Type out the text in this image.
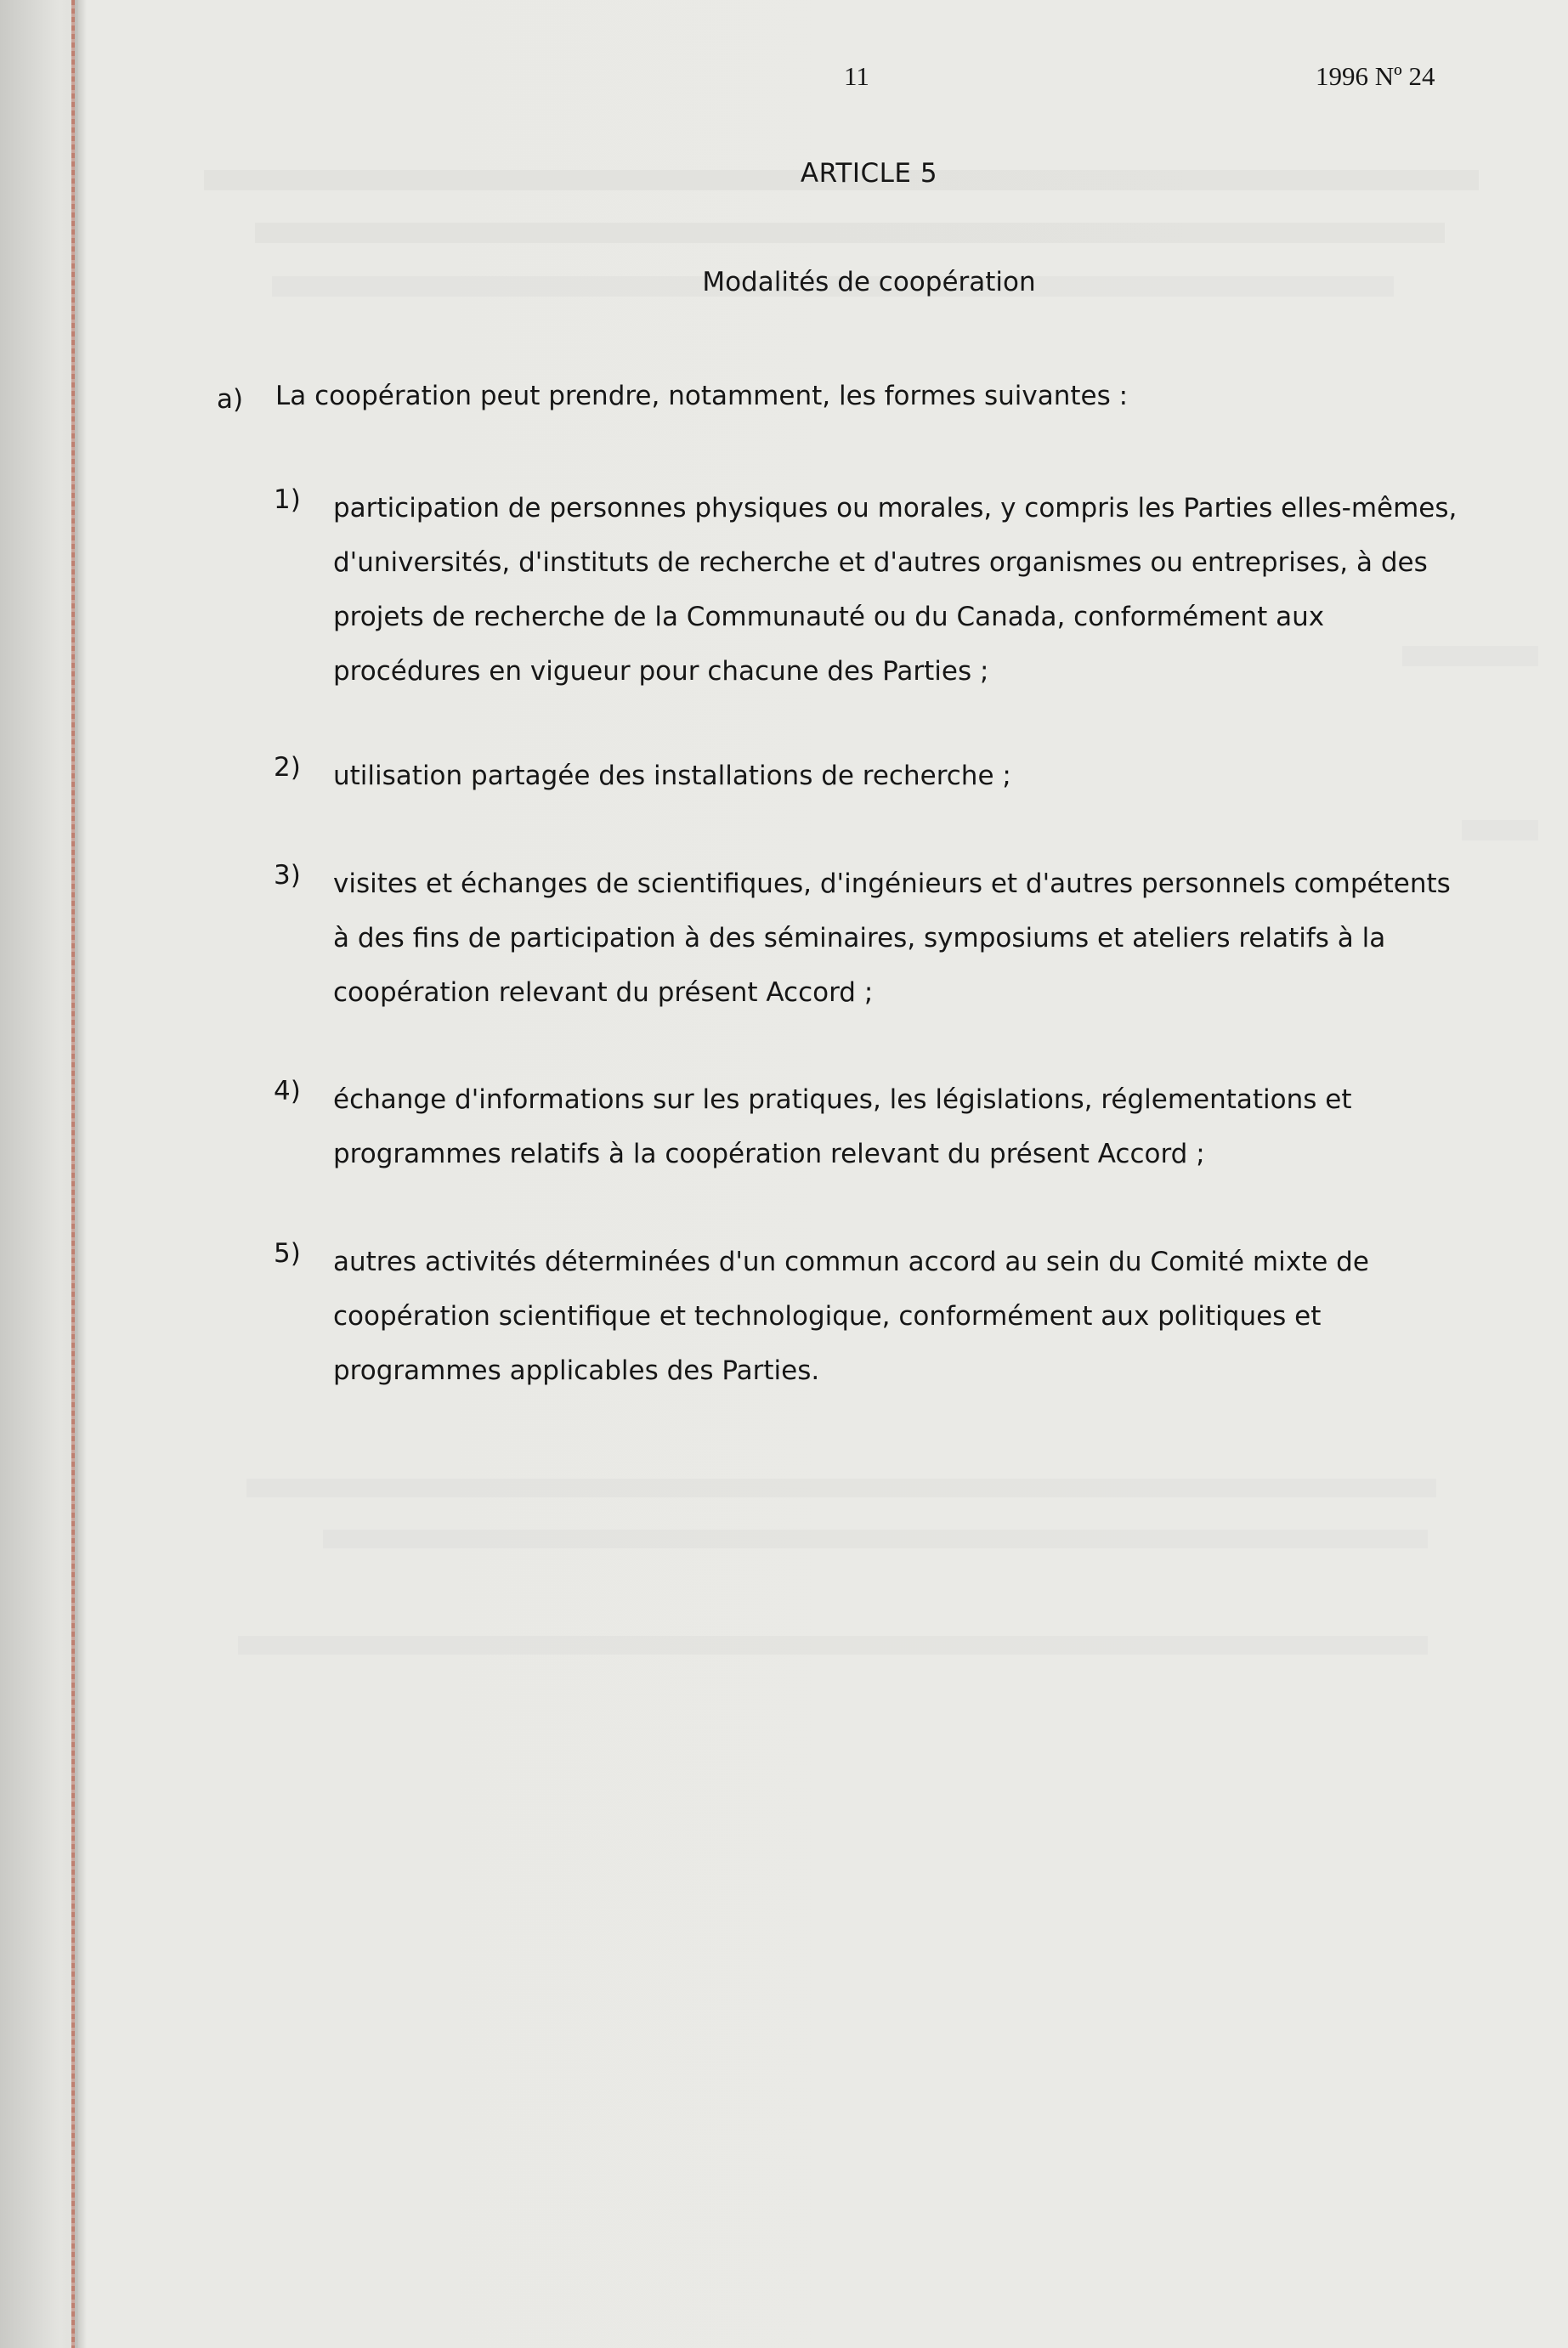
11	1996 Nº 24
ARTICLE 5
Modalités de coopération
a) La coopération peut prendre, notamment, les formes suivantes :
1) participation de personnes physiques ou morales, y compris les Parties elles-mêmes,
d'universités, d'instituts de recherche et d'autres organismes ou entreprises, à des
projets de recherche de la Communauté ou du Canada, conformément aux
procédures en vigueur pour chacune des Parties ;
2) utilisation partagée des installations de recherche ;
3) visites et échanges de scientifiques, d'ingénieurs et d'autres personnels compétents
à des fins de participation à des séminaires, symposiums et ateliers relatifs à la
coopération relevant du présent Accord ;
4) échange d'informations sur les pratiques, les législations, réglementations et
programmes relatifs à la coopération relevant du présent Accord ;
5) autres activités déterminées d'un commun accord au sein du Comité mixte de
coopération scientifique et technologique, conformément aux politiques et
programmes applicables des Parties.
